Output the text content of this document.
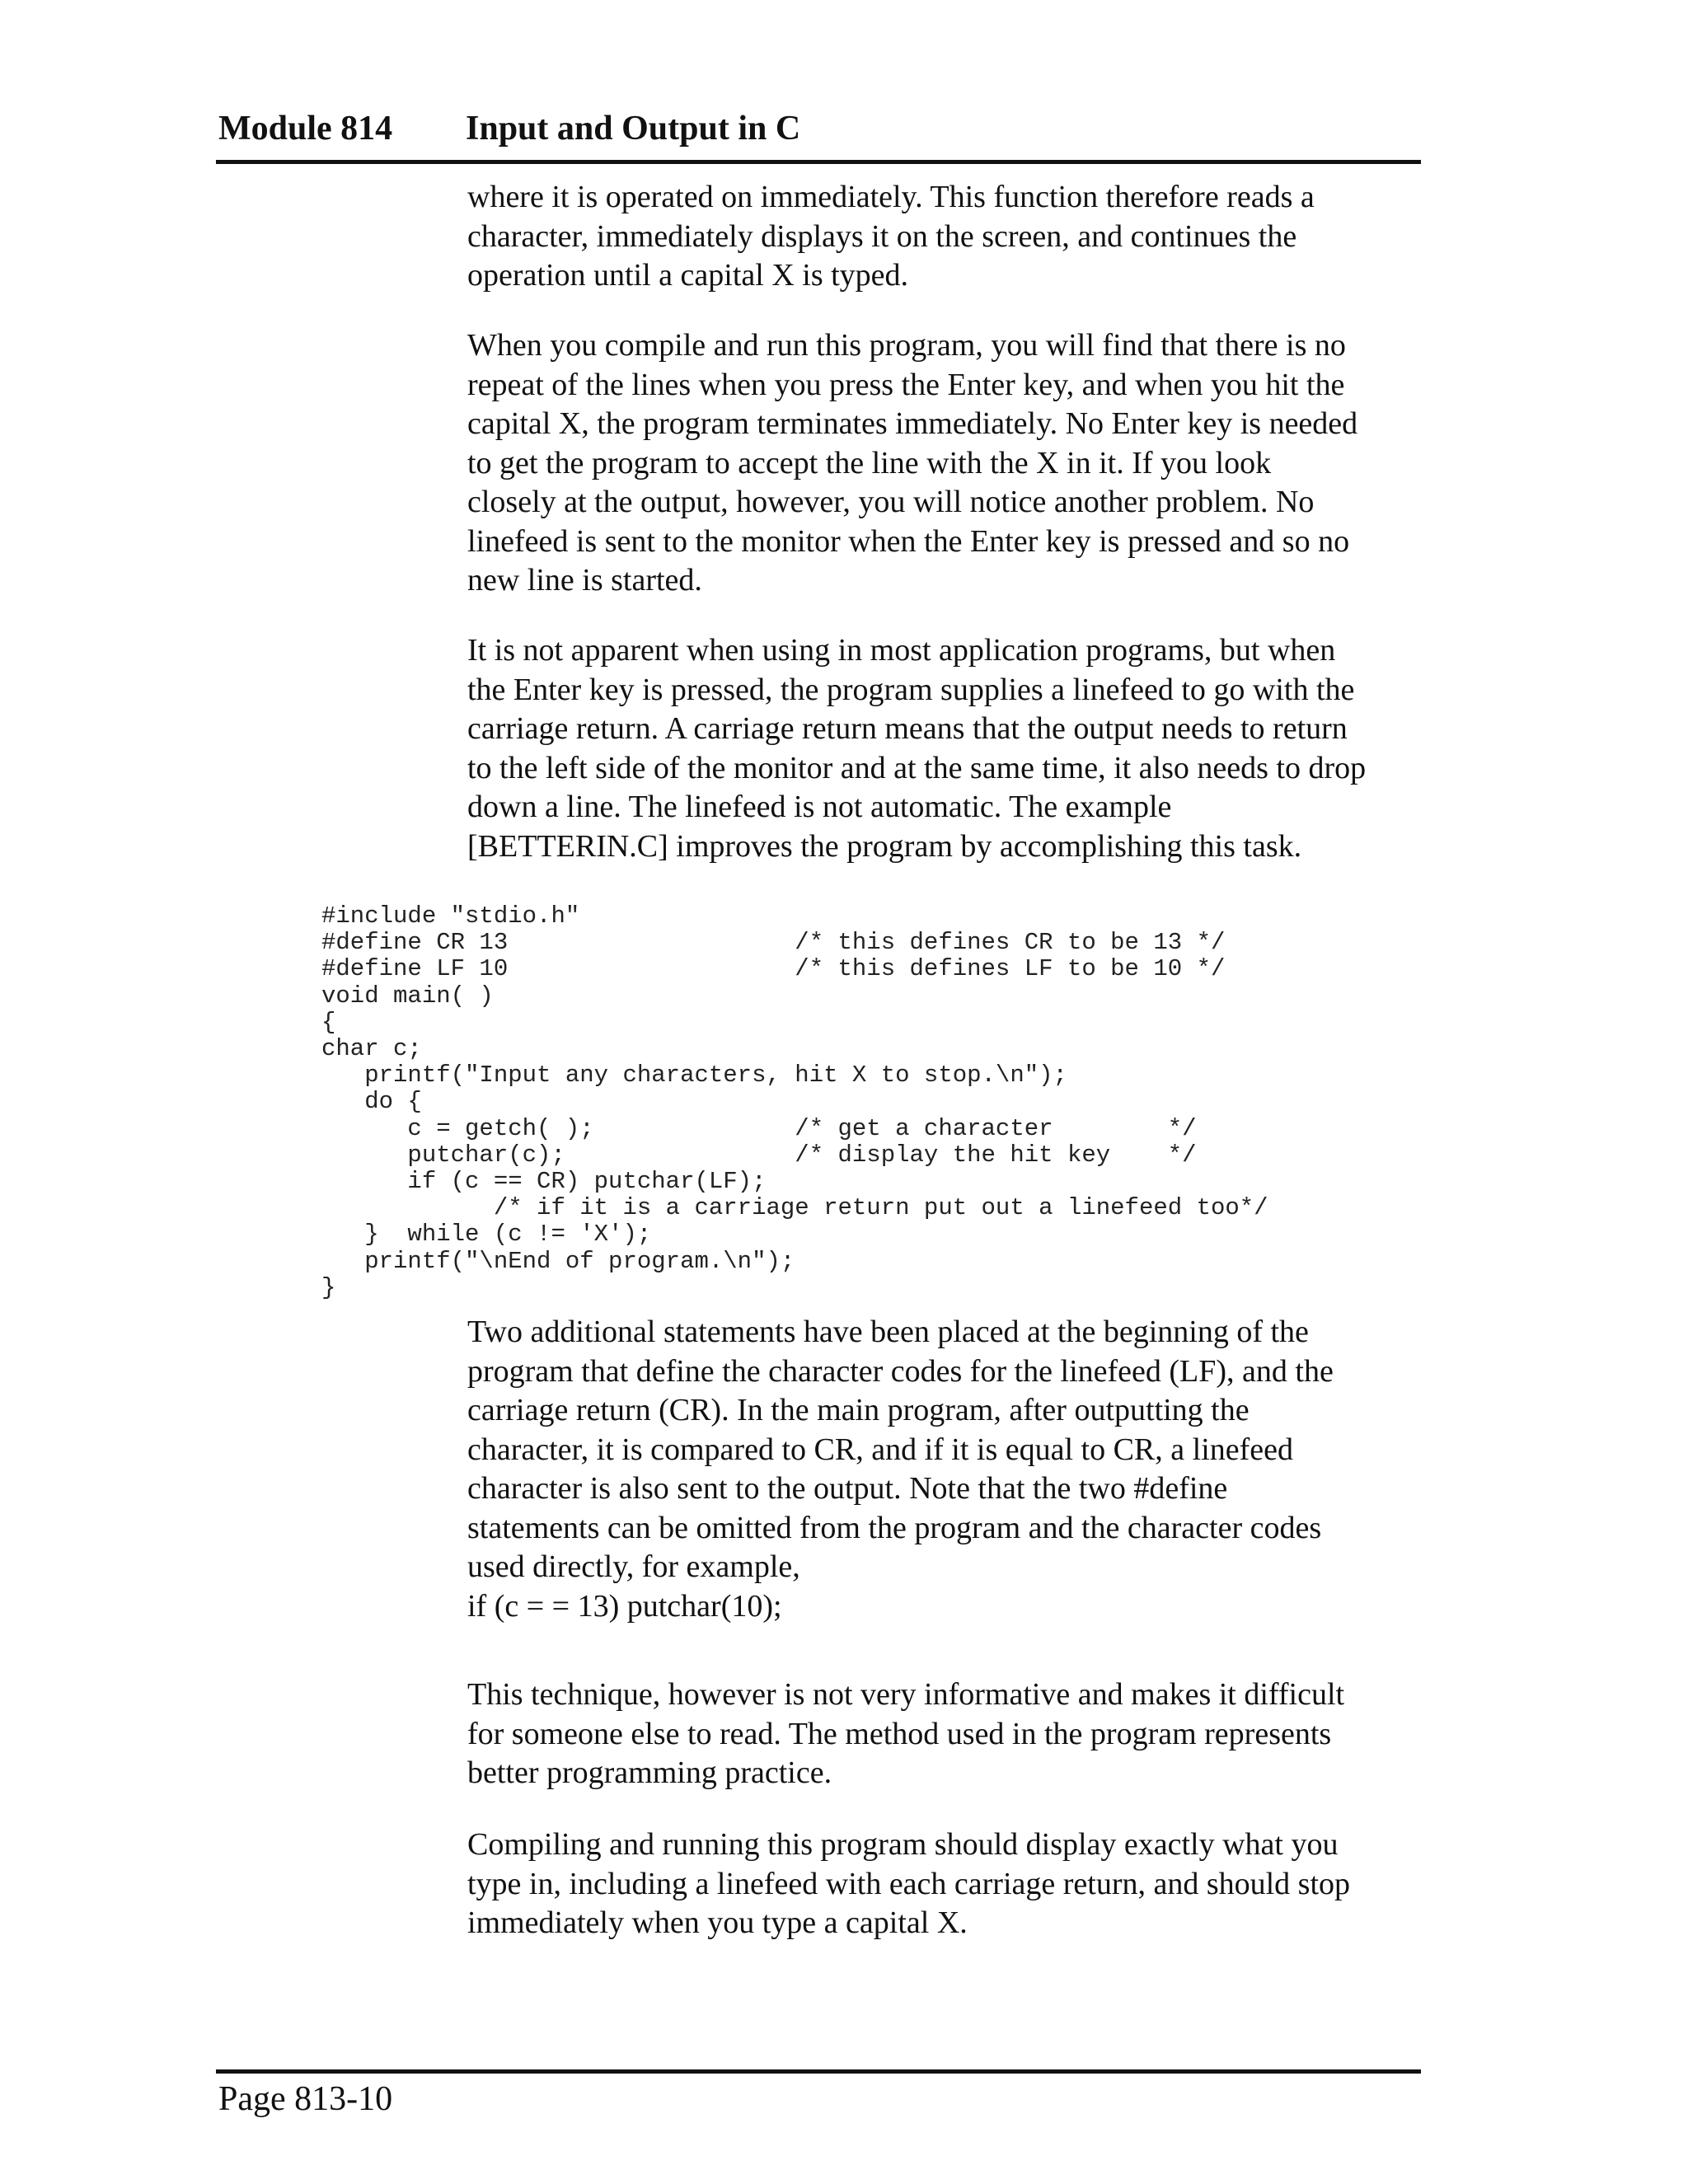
Module 814 Input and Output in C

where it is operated on immediately. This function therefore reads a
character, immediately displays it on the screen, and continues the
operation until a capital X is typed.

When you compile and run this program, you will find that there is no
repeat of the lines when you press the Enter key, and when you hit the
capital X, the program terminates immediately. No Enter key is needed
to get the program to accept the line with the X in it. If you look
closely at the output, however, you will notice another problem. No
linefeed is sent to the monitor when the Enter key is pressed and so no
new line is started.

It is not apparent when using in most application programs, but when
the Enter key is pressed, the program supplies a linefeed to go with the
carriage return. A carriage return means that the output needs to return
to the left side of the monitor and at the same time, it also needs to drop
down a line. The linefeed is not automatic. The example
[BETTERIN.C] improves the program by accomplishing this task.

#include "stdio.h"
#define CR 13                    /* this defines CR to be 13 */
#define LF 10                    /* this defines LF to be 10 */
void main( )
{
char c;
printf("Input any characters, hit X to stop.\n");
do {
c = getch( );              /* get a character        */
putchar(c);                /* display the hit key    */
if (c == CR) putchar(LF);
/* if it is a carriage return put out a linefeed too*/
}  while (c != 'X');
printf("\nEnd of program.\n");
}

Two additional statements have been placed at the beginning of the
program that define the character codes for the linefeed (LF), and the
carriage return (CR). In the main program, after outputting the
character, it is compared to CR, and if it is equal to CR, a linefeed
character is also sent to the output. Note that the two #define
statements can be omitted from the program and the character codes
used directly, for example,
if (c = = 13) putchar(10);

This technique, however is not very informative and makes it difficult
for someone else to read. The method used in the program represents
better programming practice.

Compiling and running this program should display exactly what you
type in, including a linefeed with each carriage return, and should stop
immediately when you type a capital X.

Page 813-10
